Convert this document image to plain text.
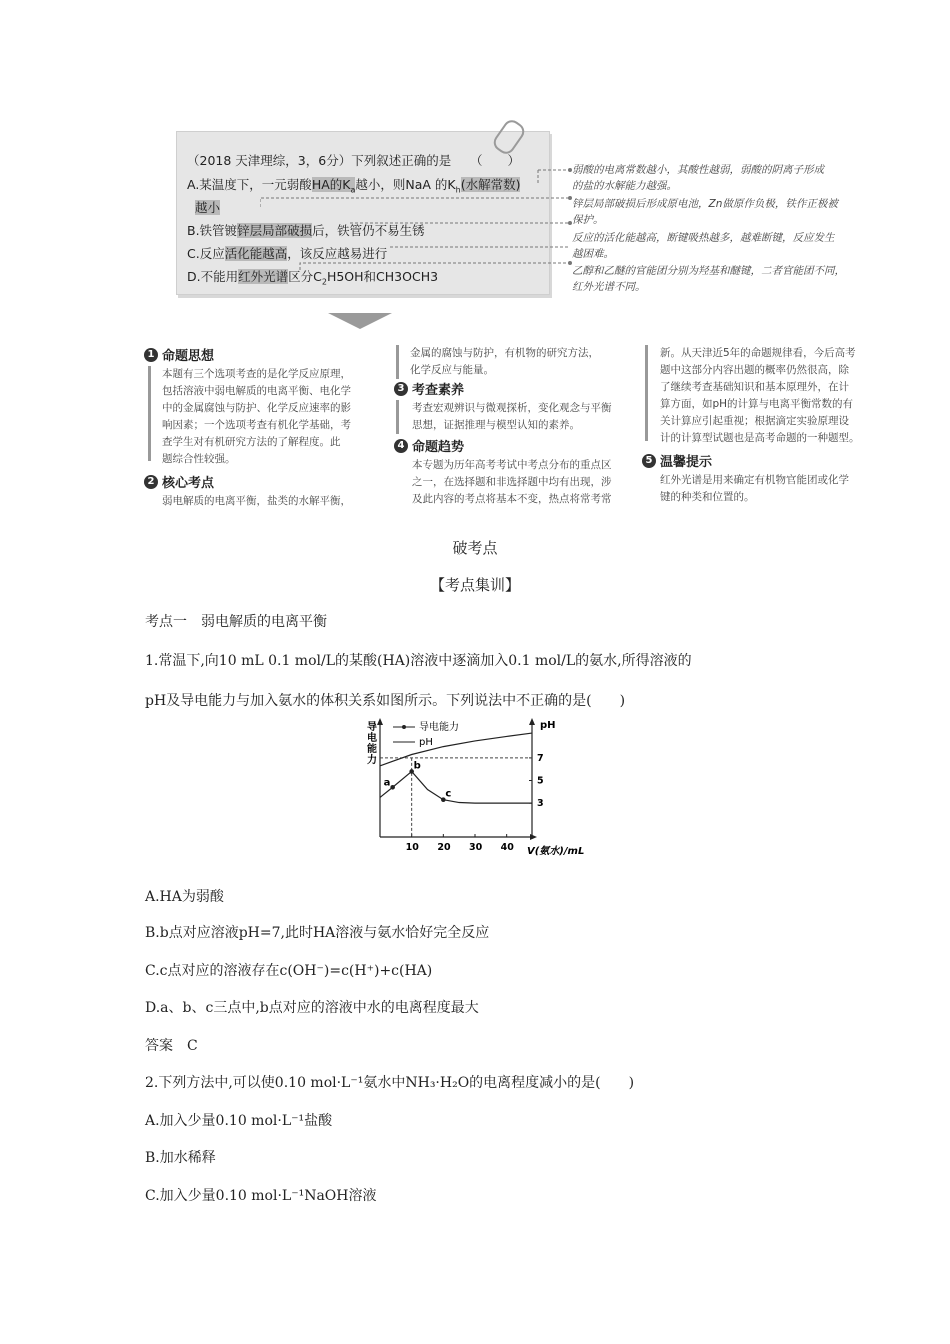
（2018 天津理综，3，6分）下列叙述正确的是　　（　　）
A.某温度下，一元弱酸HA的$K_a$越小，则NaA 的$K_h$(水解常数)
越小
B.铁管镀锌层局部破损后，铁管仍不易生锈
C.反应活化能越高，该反应越易进行
D.不能用红外光谱区分$C_2H5OH$和CH3OCH3
弱酸的电离常数越小，其酸性越弱，弱酸的阴离子形成
的盐的水解能力越强。
锌层局部破损后形成原电池，Zn做原作负极，铁作正极被
保护。
反应的活化能越高，断键吸热越多，越难断键，反应发生
越困难。
乙醇和乙醚的官能团分别为羟基和醚键，二者官能团不同，
红外光谱不同。
1 命题思想
本题有三个选项考查的是化学反应原理，
包括溶液中弱电解质的电离平衡、电化学
中的金属腐蚀与防护、化学反应速率的影
响因素；一个选项考查有机化学基础，考
查学生对有机研究方法的了解程度。此
题综合性较强。
2 核心考点
弱电解质的电离平衡，盐类的水解平衡，
金属的腐蚀与防护，有机物的研究方法，
化学反应与能量。
3 考查素养
考查宏观辨识与微观探析，变化观念与平衡
思想，证据推理与模型认知的素养。
4 命题趋势
本专题为历年高考考试中考点分布的重点区
之一，在选择题和非选择题中均有出现，涉
及此内容的考点将基本不变，热点将常考常
新。从天津近5年的命题规律看，今后高考
题中这部分内容出题的概率仍然很高，除
了继续考查基础知识和基本原理外，在计
算方面，如pH的计算与电离平衡常数的有
关计算应引起重视；根据滴定实验原理设
计的计算型试题也是高考命题的一种题型。
5 温馨提示
红外光谱是用来确定有机物官能团或化学
键的种类和位置的。
破考点
【考点集训】
考点一　弱电解质的电离平衡
1.常温下,向10 mL 0.1 mol/L的某酸(HA)溶液中逐滴加入0.1 mol/L的氨水,所得溶液的
pH及导电能力与加入氨水的体积关系如图所示。下列说法中不正确的是(　　)
导电能力
pH
V(氨水)/mL
导电能力
pH
10 20 30 40
7
5
3
a
b
c
A.HA为弱酸
B.b点对应溶液pH=7,此时HA溶液与氨水恰好完全反应
C.c点对应的溶液存在c(OH⁻)=c(H⁺)+c(HA)
D.a、b、c三点中,b点对应的溶液中水的电离程度最大
答案　C
2.下列方法中,可以使0.10 mol·L⁻¹氨水中NH₃·H₂O的电离程度减小的是(　　)
A.加入少量0.10 mol·L⁻¹盐酸
B.加水稀释
C.加入少量0.10 mol·L⁻¹NaOH溶液
